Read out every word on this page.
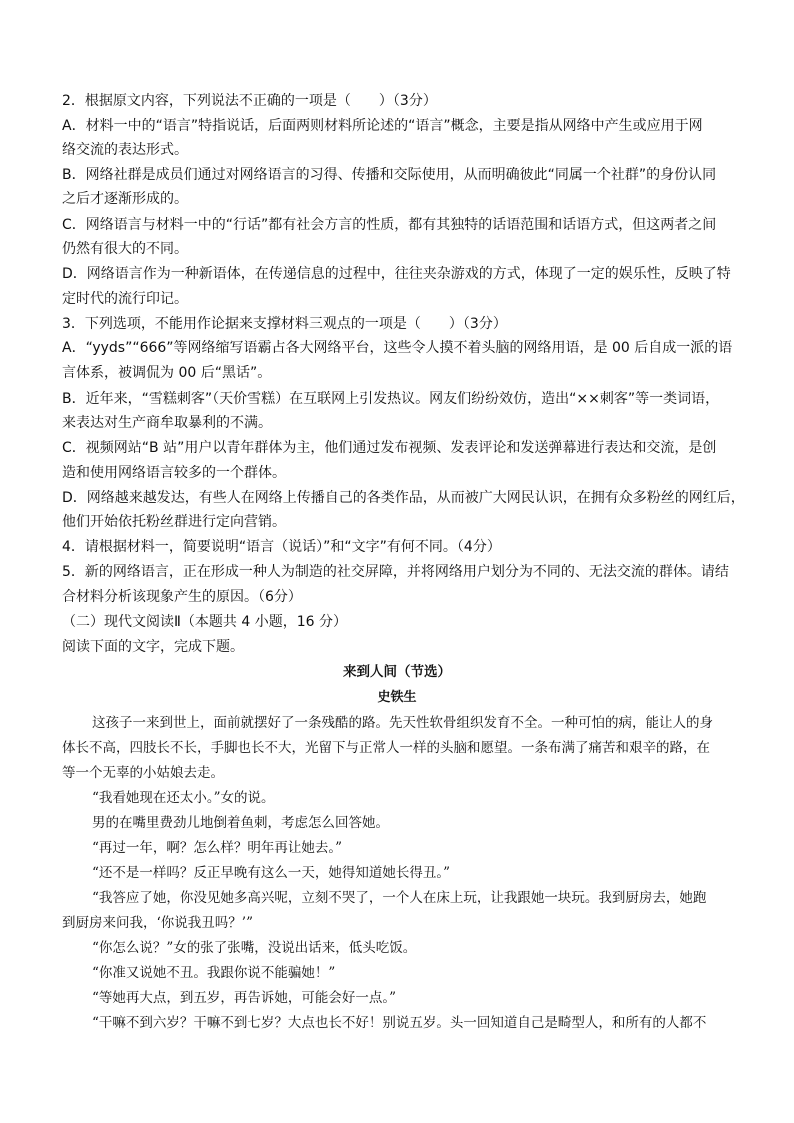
2．根据原文内容，下列说法不正确的一项是（　　）（3分）
A．材料一中的“语言”特指说话，后面两则材料所论述的“语言”概念，主要是指从网络中产生或应用于网
络交流的表达形式。
B．网络社群是成员们通过对网络语言的习得、传播和交际使用，从而明确彼此“同属一个社群”的身份认同
之后才逐渐形成的。
C．网络语言与材料一中的“行话”都有社会方言的性质，都有其独特的话语范围和话语方式，但这两者之间
仍然有很大的不同。
D．网络语言作为一种新语体，在传递信息的过程中，往往夹杂游戏的方式，体现了一定的娱乐性，反映了特
定时代的流行印记。
3．下列选项，不能用作论据来支撑材料三观点的一项是（　　）（3分）
A．“yyds”“666”等网络缩写语霸占各大网络平台，这些令人摸不着头脑的网络用语，是 00 后自成一派的语
言体系，被调侃为 00 后“黑话”。
B．近年来，“雪糕刺客”（天价雪糕）在互联网上引发热议。网友们纷纷效仿，造出“××刺客”等一类词语，
来表达对生产商牟取暴利的不满。
C．视频网站“B 站”用户以青年群体为主，他们通过发布视频、发表评论和发送弹幕进行表达和交流，是创
造和使用网络语言较多的一个群体。
D．网络越来越发达，有些人在网络上传播自己的各类作品，从而被广大网民认识，在拥有众多粉丝的网红后，
他们开始依托粉丝群进行定向营销。
4．请根据材料一，简要说明“语言（说话）”和“文字”有何不同。（4分）
5．新的网络语言，正在形成一种人为制造的社交屏障，并将网络用户划分为不同的、无法交流的群体。请结
合材料分析该现象产生的原因。（6分）
（二）现代文阅读Ⅱ（本题共 4 小题，16 分）
阅读下面的文字，完成下题。
来到人间（节选）
史铁生
这孩子一来到世上，面前就摆好了一条残酷的路。先天性软骨组织发育不全。一种可怕的病，能让人的身
体长不高，四肢长不长，手脚也长不大，光留下与正常人一样的头脑和愿望。一条布满了痛苦和艰辛的路，在
等一个无辜的小姑娘去走。
“我看她现在还太小。”女的说。
男的在嘴里费劲儿地倒着鱼刺，考虑怎么回答她。
“再过一年，啊？怎么样？明年再让她去。”
“还不是一样吗？反正早晚有这么一天，她得知道她长得丑。”
“我答应了她，你没见她多高兴呢，立刻不哭了，一个人在床上玩，让我跟她一块玩。我到厨房去，她跑
到厨房来问我，‘你说我丑吗？’”
“你怎么说？”女的张了张嘴，没说出话来，低头吃饭。
“你准又说她不丑。我跟你说不能骗她！”
“等她再大点，到五岁，再告诉她，可能会好一点。”
“干嘛不到六岁？干嘛不到七岁？大点也长不好！别说五岁。头一回知道自己是畸型人，和所有的人都不
